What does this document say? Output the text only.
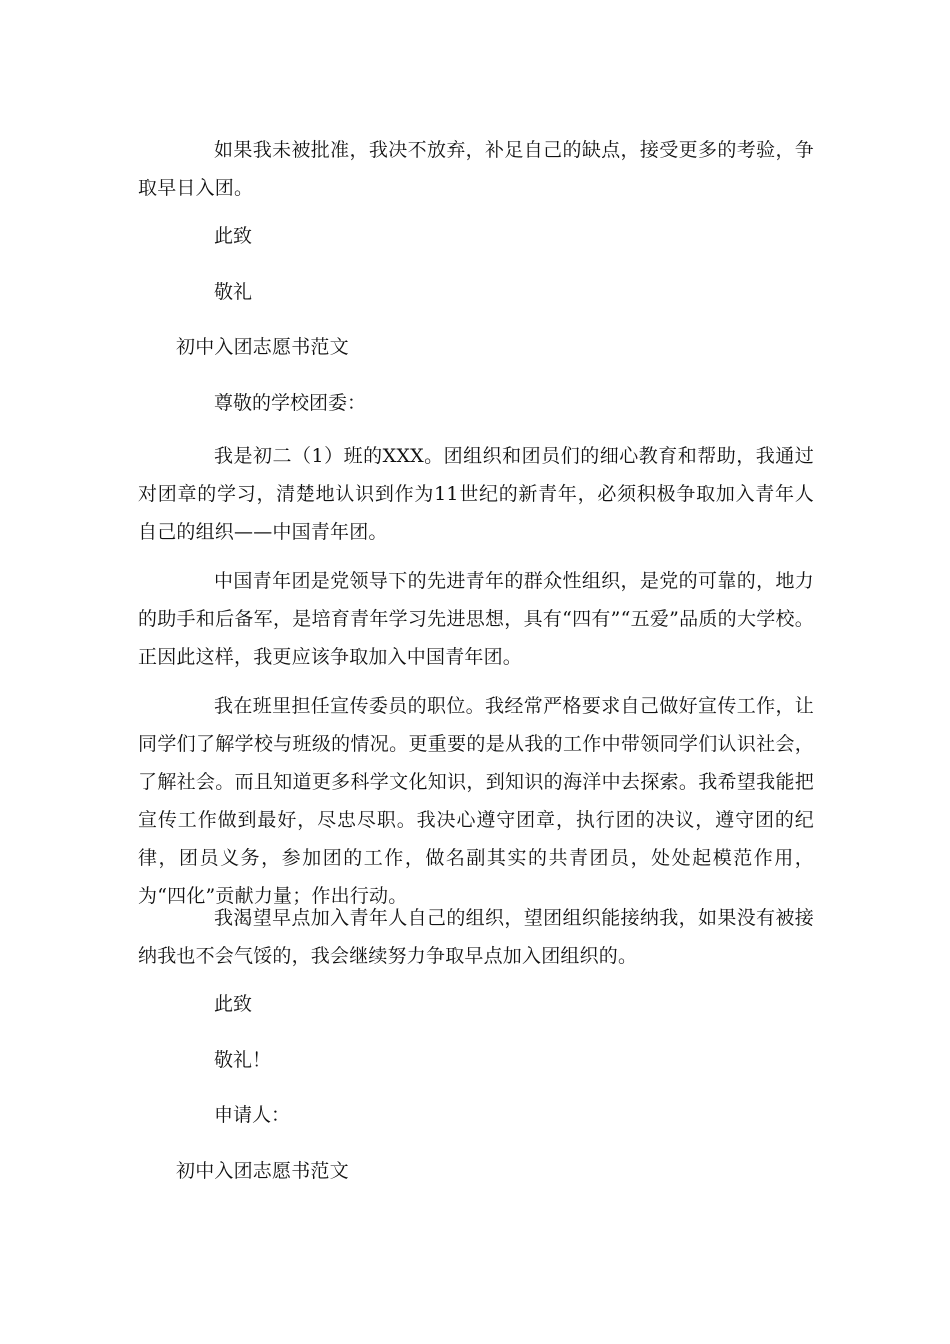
如果我未被批准，我决不放弃，补足自己的缺点，接受更多的考验，争取早日入团。

此致

敬礼

初中入团志愿书范文

尊敬的学校团委：

我是初二（1）班的XXX。团组织和团员们的细心教育和帮助，我通过对团章的学习，清楚地认识到作为11世纪的新青年，必须积极争取加入青年人自己的组织——中国青年团。

中国青年团是党领导下的先进青年的群众性组织，是党的可靠的，地力的助手和后备军，是培育青年学习先进思想，具有“四有”“五爱”品质的大学校。正因此这样，我更应该争取加入中国青年团。

我在班里担任宣传委员的职位。我经常严格要求自己做好宣传工作，让同学们了解学校与班级的情况。更重要的是从我的工作中带领同学们认识社会，了解社会。而且知道更多科学文化知识，到知识的海洋中去探索。我希望我能把宣传工作做到最好，尽忠尽职。我决心遵守团章，执行团的决议，遵守团的纪律，团员义务，参加团的工作，做名副其实的共青团员，处处起模范作用，为“四化”贡献力量；作出行动。

我渴望早点加入青年人自己的组织，望团组织能接纳我，如果没有被接纳我也不会气馁的，我会继续努力争取早点加入团组织的。

此致

敬礼！

申请人：

初中入团志愿书范文
